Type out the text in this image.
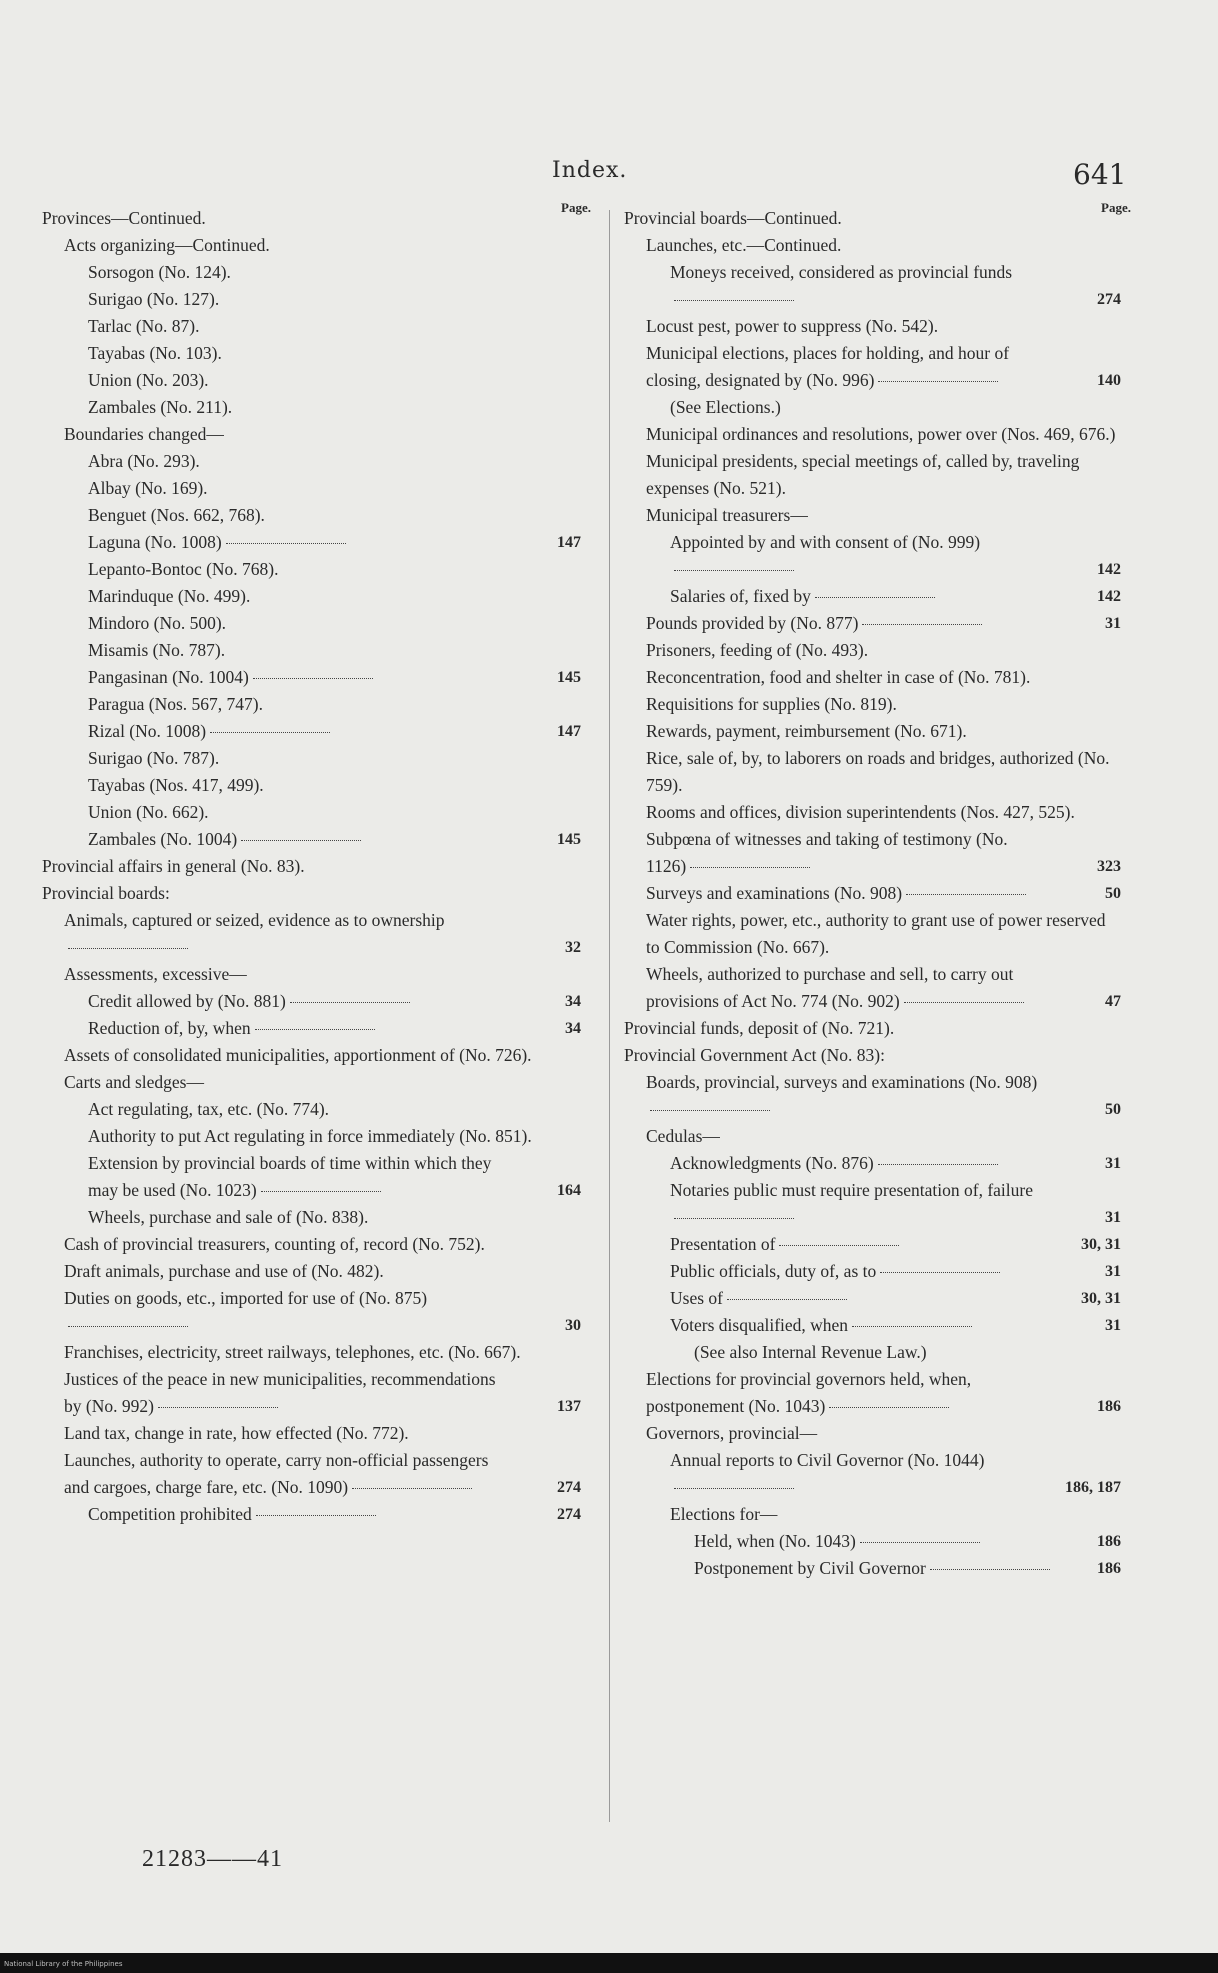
Index.	641
Page.
Provinces—Continued.
Acts organizing—Continued.
Sorsogon (No. 124).
Surigao (No. 127).
Tarlac (No. 87).
Tayabas (No. 103).
Union (No. 203).
Zambales (No. 211).
Boundaries changed—
Abra (No. 293).
Albay (No. 169).
Benguet (Nos. 662, 768).
Laguna (No. 1008)	147
Lepanto-Bontoc (No. 768).
Marinduque (No. 499).
Mindoro (No. 500).
Misamis (No. 787).
Pangasinan (No. 1004)	145
Paragua (Nos. 567, 747).
Rizal (No. 1008)	147
Surigao (No. 787).
Tayabas (Nos. 417, 499).
Union (No. 662).
Zambales (No. 1004)	145
Provincial affairs in general (No. 83).
Provincial boards:
Animals, captured or seized, evidence as to ownership
32
Assessments, excessive—
Credit allowed by (No. 881)	34
Reduction of, by, when	34
Assets of consolidated municipalities, apportionment of (No. 726).
Carts and sledges—
Act regulating, tax, etc. (No. 774).
Authority to put Act regulating in force immediately (No. 851).
Extension by provincial boards of time within which they may be used (No. 1023)	164
Wheels, purchase and sale of (No. 838).
Cash of provincial treasurers, counting of, record (No. 752).
Draft animals, purchase and use of (No. 482).
Duties on goods, etc., imported for use of (No. 875)
30
Franchises, electricity, street railways, telephones, etc. (No. 667).
Justices of the peace in new municipalities, recommendations by (No. 992)	137
Land tax, change in rate, how effected (No. 772).
Launches, authority to operate, carry non-official passengers and cargoes, charge fare, etc. (No. 1090)	274
Competition prohibited	274
Page.
Provincial boards—Continued.
Launches, etc.—Continued.
Moneys received, considered as provincial funds
274
Locust pest, power to suppress (No. 542).
Municipal elections, places for holding, and hour of closing, designated by (No. 996)	140
(See Elections.)
Municipal ordinances and resolutions, power over (Nos. 469, 676.)
Municipal presidents, special meetings of, called by, traveling expenses (No. 521).
Municipal treasurers—
Appointed by and with consent of (No. 999)
142
Salaries of, fixed by	142
Pounds provided by (No. 877)	31
Prisoners, feeding of (No. 493).
Reconcentration, food and shelter in case of (No. 781).
Requisitions for supplies (No. 819).
Rewards, payment, reimbursement (No. 671).
Rice, sale of, by, to laborers on roads and bridges, authorized (No. 759).
Rooms and offices, division superintendents (Nos. 427, 525).
Subpœna of witnesses and taking of testimony (No. 1126)	323
Surveys and examinations (No. 908)	50
Water rights, power, etc., authority to grant use of power reserved to Commission (No. 667).
Wheels, authorized to purchase and sell, to carry out provisions of Act No. 774 (No. 902)	47
Provincial funds, deposit of (No. 721).
Provincial Government Act (No. 83):
Boards, provincial, surveys and examinations (No. 908)
50
Cedulas—
Acknowledgments (No. 876)	31
Notaries public must require presentation of, failure
31
Presentation of	30, 31
Public officials, duty of, as to	31
Uses of	30, 31
Voters disqualified, when	31
(See also Internal Revenue Law.)
Elections for provincial governors held, when, postponement (No. 1043)	186
Governors, provincial—
Annual reports to Civil Governor (No. 1044)
186, 187
Elections for—
Held, when (No. 1043)	186
Postponement by Civil Governor	186
21283——41
National Library of the Philippines
